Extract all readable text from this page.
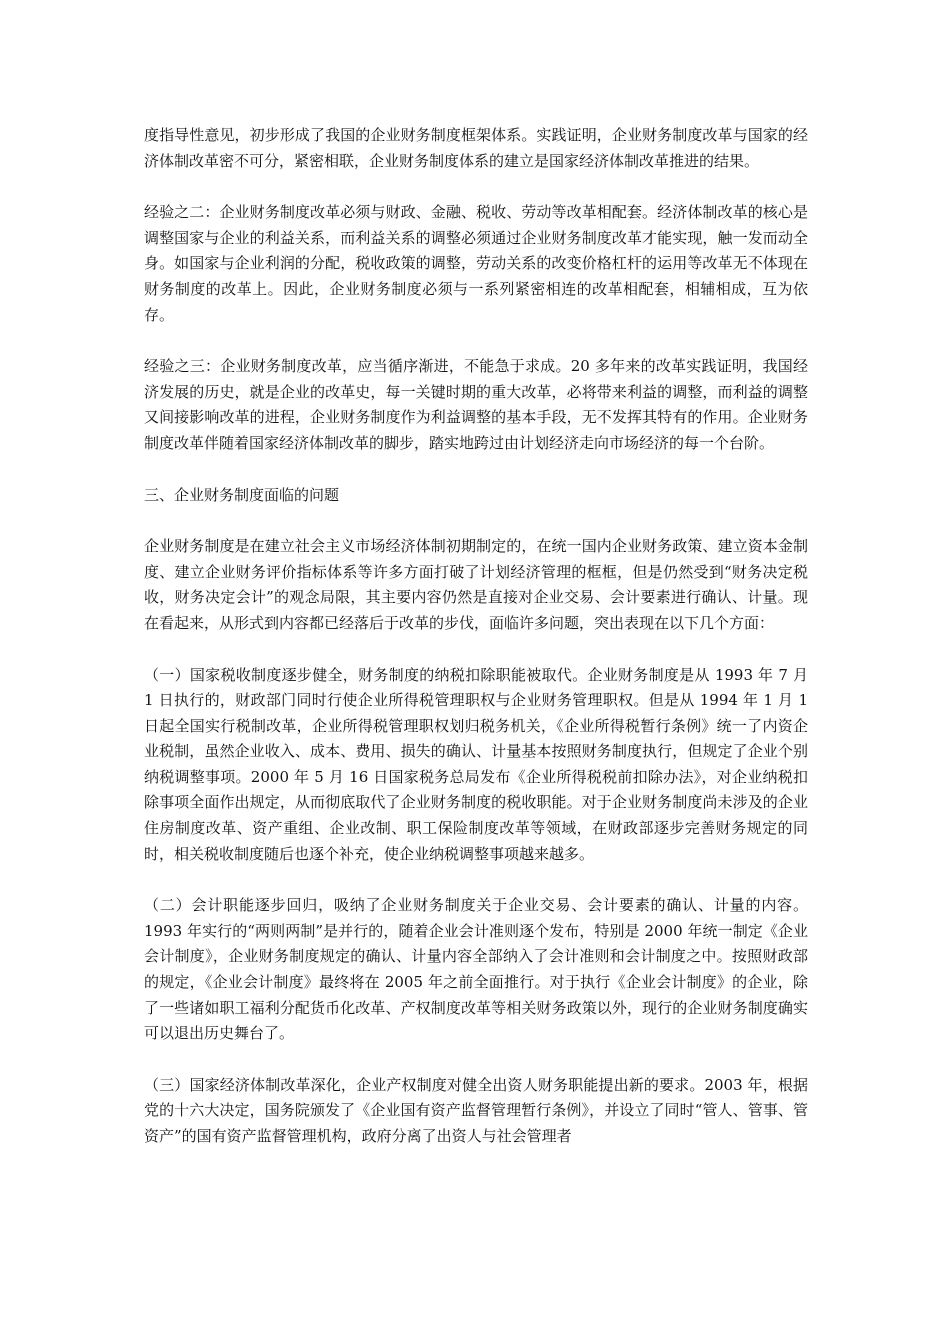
度指导性意见，初步形成了我国的企业财务制度框架体系。实践证明，企业财务制度改革与国家的经济体制改革密不可分，紧密相联，企业财务制度体系的建立是国家经济体制改革推进的结果。

经验之二：企业财务制度改革必须与财政、金融、税收、劳动等改革相配套。经济体制改革的核心是调整国家与企业的利益关系，而利益关系的调整必须通过企业财务制度改革才能实现，触一发而动全身。如国家与企业利润的分配，税收政策的调整，劳动关系的改变价格杠杆的运用等改革无不体现在财务制度的改革上。因此，企业财务制度必须与一系列紧密相连的改革相配套，相辅相成，互为依存。

经验之三：企业财务制度改革，应当循序渐进，不能急于求成。20 多年来的改革实践证明，我国经济发展的历史，就是企业的改革史，每一关键时期的重大改革，必将带来利益的调整，而利益的调整又间接影响改革的进程，企业财务制度作为利益调整的基本手段，无不发挥其特有的作用。企业财务制度改革伴随着国家经济体制改革的脚步，踏实地跨过由计划经济走向市场经济的每一个台阶。

三、企业财务制度面临的问题

企业财务制度是在建立社会主义市场经济体制初期制定的，在统一国内企业财务政策、建立资本金制度、建立企业财务评价指标体系等许多方面打破了计划经济管理的框框，但是仍然受到“财务决定税收，财务决定会计”的观念局限，其主要内容仍然是直接对企业交易、会计要素进行确认、计量。现在看起来，从形式到内容都已经落后于改革的步伐，面临许多问题，突出表现在以下几个方面：

（一）国家税收制度逐步健全，财务制度的纳税扣除职能被取代。企业财务制度是从 1993 年 7 月 1 日执行的，财政部门同时行使企业所得税管理职权与企业财务管理职权。但是从 1994 年 1 月 1 日起全国实行税制改革，企业所得税管理职权划归税务机关，《企业所得税暂行条例》统一了内资企业税制，虽然企业收入、成本、费用、损失的确认、计量基本按照财务制度执行，但规定了企业个别纳税调整事项。2000 年 5 月 16 日国家税务总局发布《企业所得税税前扣除办法》，对企业纳税扣除事项全面作出规定，从而彻底取代了企业财务制度的税收职能。对于企业财务制度尚未涉及的企业住房制度改革、资产重组、企业改制、职工保险制度改革等领域，在财政部逐步完善财务规定的同时，相关税收制度随后也逐个补充，使企业纳税调整事项越来越多。

（二）会计职能逐步回归，吸纳了企业财务制度关于企业交易、会计要素的确认、计量的内容。1993 年实行的“两则两制”是并行的，随着企业会计准则逐个发布，特别是 2000 年统一制定《企业会计制度》，企业财务制度规定的确认、计量内容全部纳入了会计准则和会计制度之中。按照财政部的规定，《企业会计制度》最终将在 2005 年之前全面推行。对于执行《企业会计制度》的企业，除了一些诸如职工福利分配货币化改革、产权制度改革等相关财务政策以外，现行的企业财务制度确实可以退出历史舞台了。

（三）国家经济体制改革深化，企业产权制度对健全出资人财务职能提出新的要求。2003 年，根据党的十六大决定，国务院颁发了《企业国有资产监督管理暂行条例》，并设立了同时“管人、管事、管资产”的国有资产监督管理机构，政府分离了出资人与社会管理者
